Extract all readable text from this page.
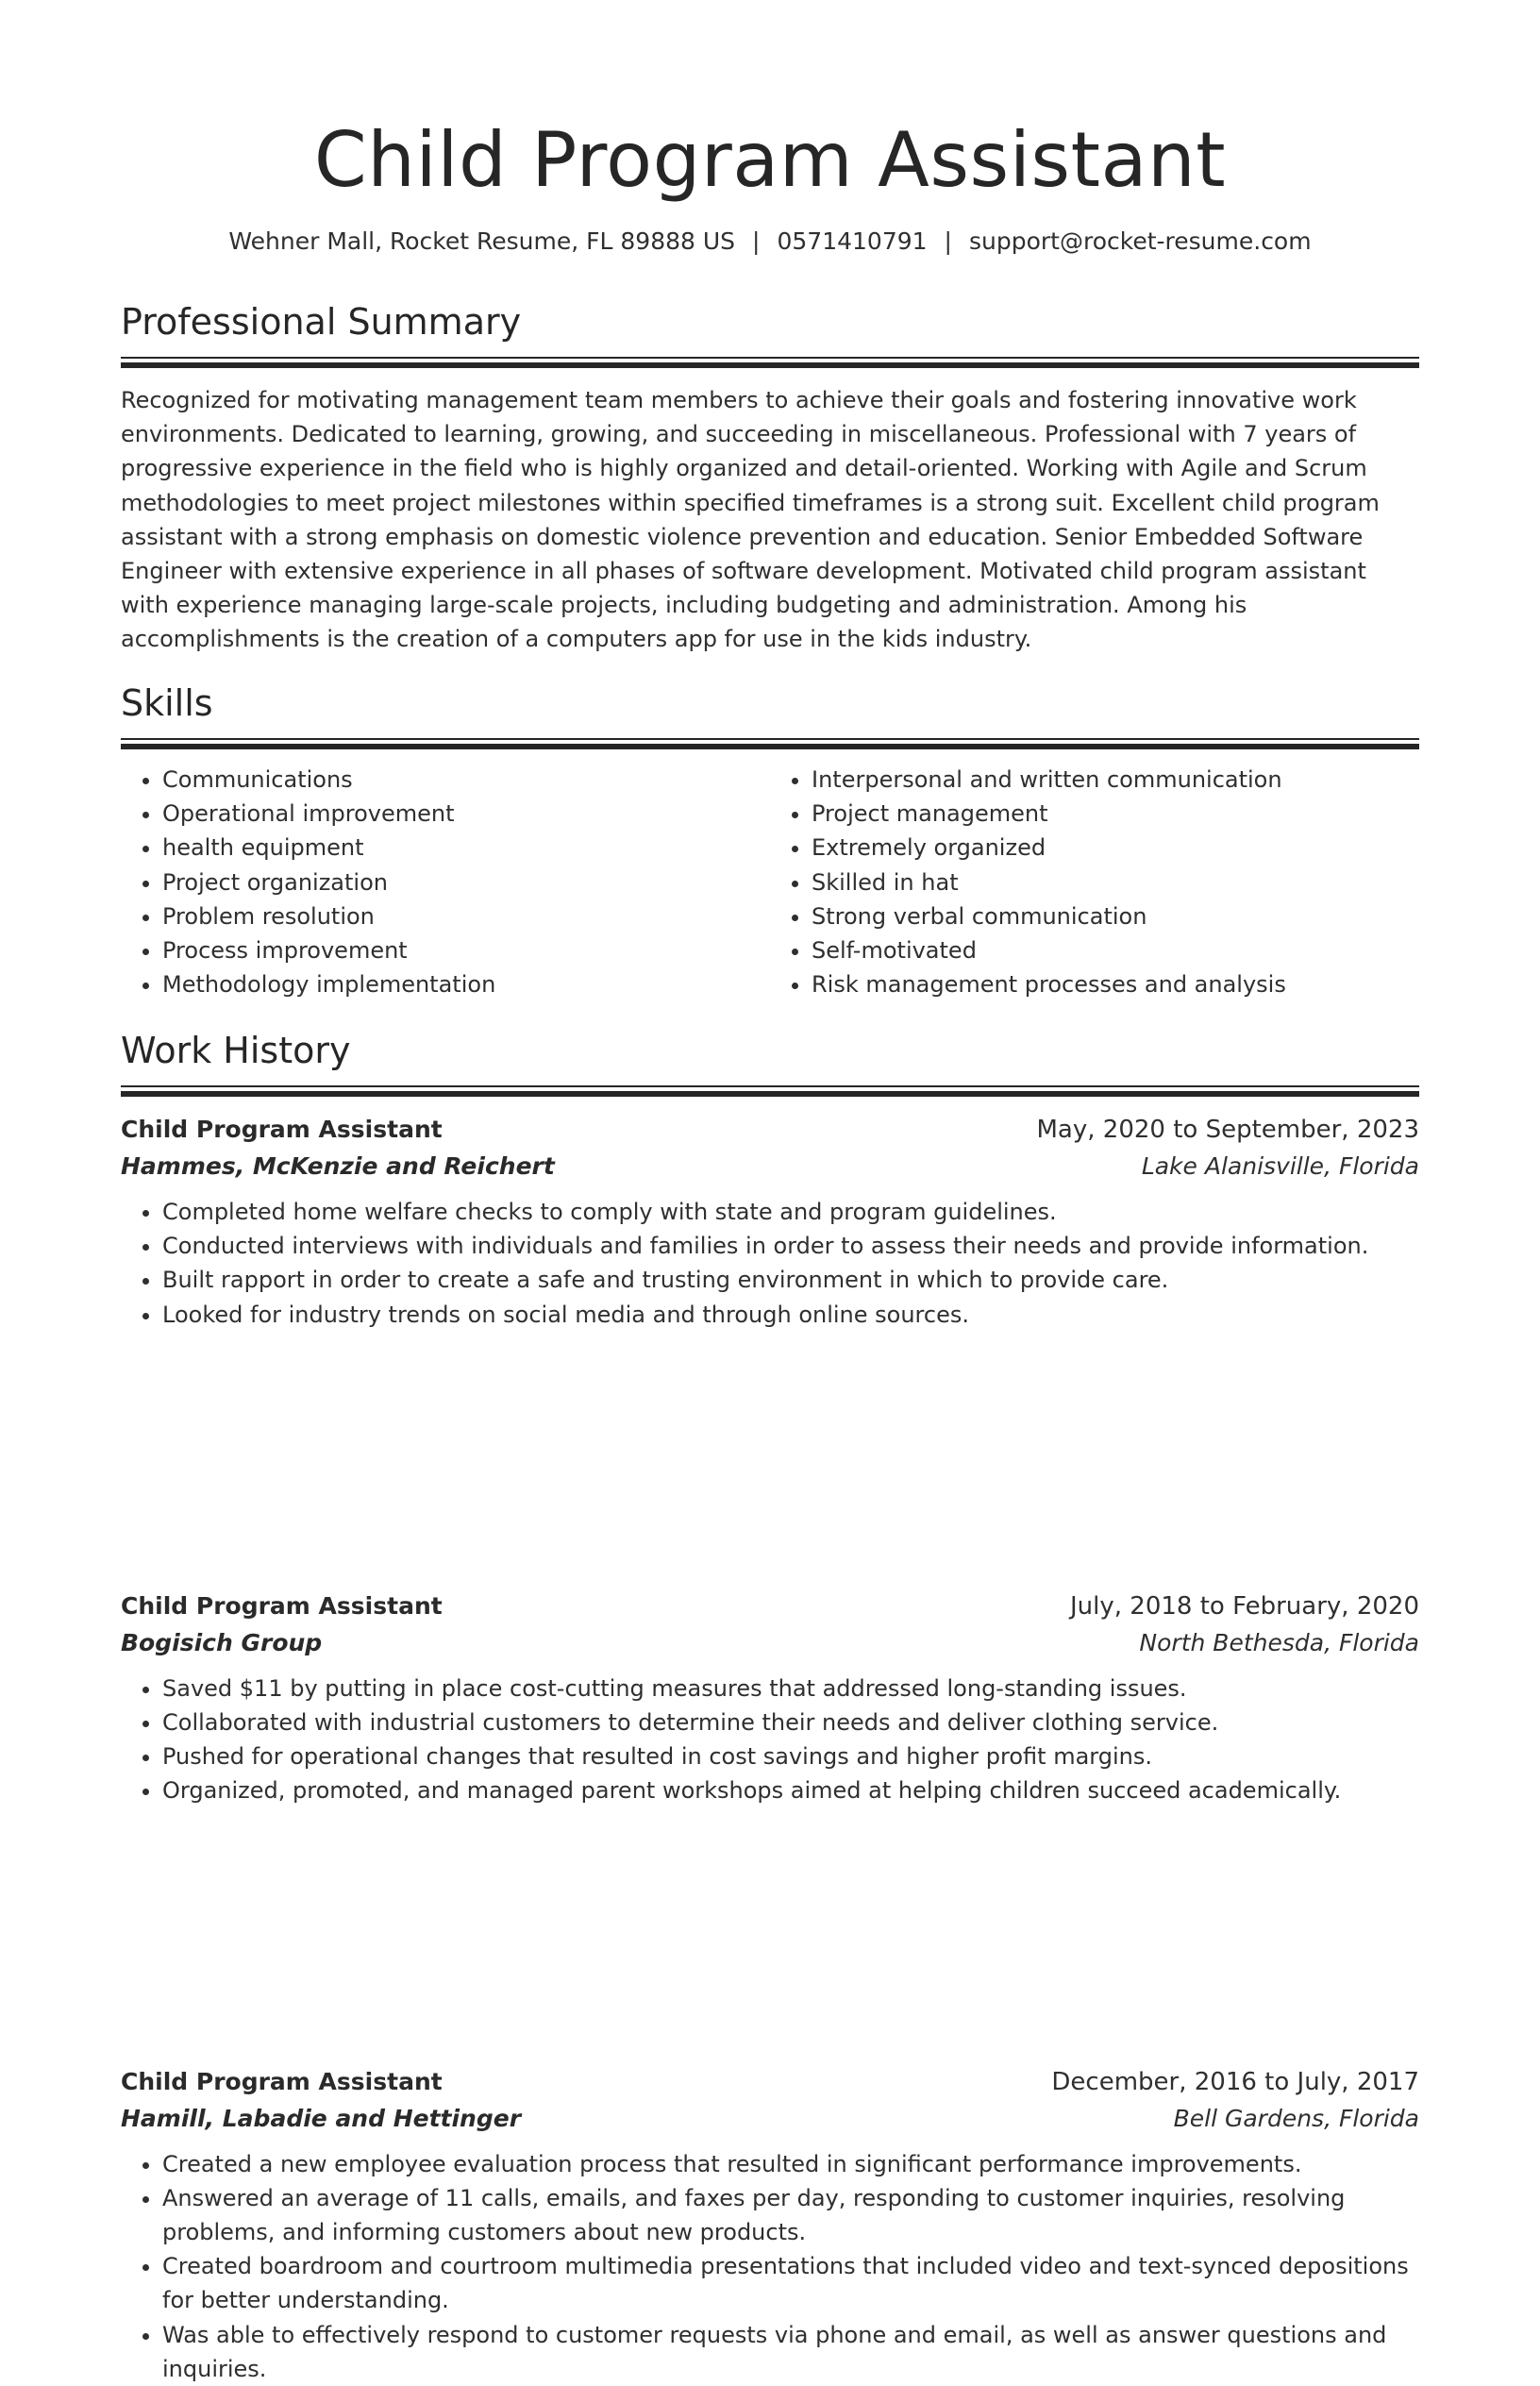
Child Program Assistant
Wehner Mall, Rocket Resume, FL 89888 US | 0571410791 | support@rocket-resume.com
Professional Summary
Recognized for motivating management team members to achieve their goals and fostering innovative work environments. Dedicated to learning, growing, and succeeding in miscellaneous. Professional with 7 years of progressive experience in the field who is highly organized and detail-oriented. Working with Agile and Scrum methodologies to meet project milestones within specified timeframes is a strong suit. Excellent child program assistant with a strong emphasis on domestic violence prevention and education. Senior Embedded Software Engineer with extensive experience in all phases of software development. Motivated child program assistant with experience managing large-scale projects, including budgeting and administration. Among his accomplishments is the creation of a computers app for use in the kids industry.
Skills
• Communications
• Operational improvement
• health equipment
• Project organization
• Problem resolution
• Process improvement
• Methodology implementation
• Interpersonal and written communication
• Project management
• Extremely organized
• Skilled in hat
• Strong verbal communication
• Self-motivated
• Risk management processes and analysis
Work History
Child Program Assistant	May, 2020 to September, 2023
Hammes, McKenzie and Reichert	Lake Alanisville, Florida
• Completed home welfare checks to comply with state and program guidelines.
• Conducted interviews with individuals and families in order to assess their needs and provide information.
• Built rapport in order to create a safe and trusting environment in which to provide care.
• Looked for industry trends on social media and through online sources.
Child Program Assistant	July, 2018 to February, 2020
Bogisich Group	North Bethesda, Florida
• Saved $11 by putting in place cost-cutting measures that addressed long-standing issues.
• Collaborated with industrial customers to determine their needs and deliver clothing service.
• Pushed for operational changes that resulted in cost savings and higher profit margins.
• Organized, promoted, and managed parent workshops aimed at helping children succeed academically.
Child Program Assistant	December, 2016 to July, 2017
Hamill, Labadie and Hettinger	Bell Gardens, Florida
• Created a new employee evaluation process that resulted in significant performance improvements.
• Answered an average of 11 calls, emails, and faxes per day, responding to customer inquiries, resolving problems, and informing customers about new products.
• Created boardroom and courtroom multimedia presentations that included video and text-synced depositions for better understanding.
• Was able to effectively respond to customer requests via phone and email, as well as answer questions and inquiries.
